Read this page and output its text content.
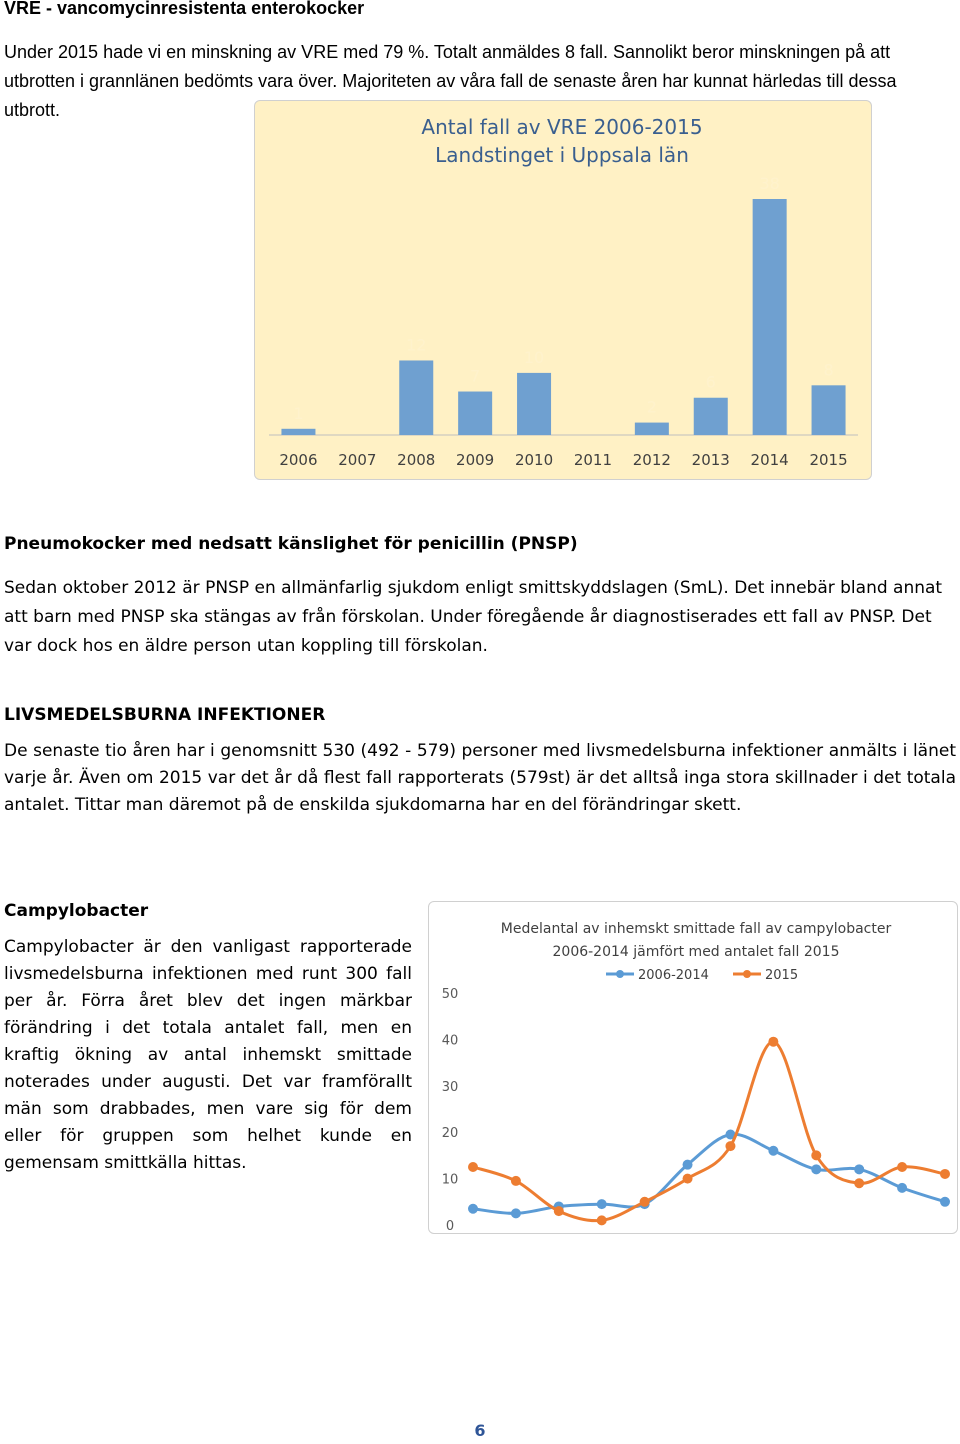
VRE - vancomycinresistenta enterokocker

Under 2015 hade vi en minskning av VRE med 79 %. Totalt anmäldes 8 fall. Sannolikt beror minskningen på att utbrotten i grannlänen bedömts vara över. Majoriteten av våra fall de senaste åren har kunnat härledas till dessa utbrott.

Antal fall av VRE 2006-2015
Landstinget i Uppsala län
1
2006 2007
12
2008
7
2009
10
2010 2011
2
2012
6
2013
38
2014
8
2015
Pneumokocker med nedsatt känslighet för penicillin (PNSP)

Sedan oktober 2012 är PNSP en allmänfarlig sjukdom enligt smittskyddslagen (SmL). Det innebär bland annat att barn med PNSP ska stängas av från förskolan. Under föregående år diagnostiserades ett fall av PNSP. Det var dock hos en äldre person utan koppling till förskolan.

LIVSMEDELSBURNA INFEKTIONER

De senaste tio åren har i genomsnitt 530 (492 - 579) personer med livsmedelsburna infektioner anmälts i länet varje år. Även om 2015 var det år då flest fall rapporterats (579st) är det alltså inga stora skillnader i det totala antalet. Tittar man däremot på de enskilda sjukdomarna har en del förändringar skett.

Campylobacter

Campylobacter är den vanligast rapporterade livsmedelsburna infektionen med runt 300 fall per år. Förra året blev det ingen märkbar förändring i det totala antalet fall, men en kraftig ökning av antal inhemskt smittade noterades under augusti. Det var framförallt män som drabbades, men vare sig för dem eller för gruppen som helhet kunde en gemensam smittkälla hittas.

Medelantal av inhemskt smittade fall av campylobacter
2006-2014 jämfört med antalet fall 2015
2006-2014	2015
0
10
20
30
40
50
6
